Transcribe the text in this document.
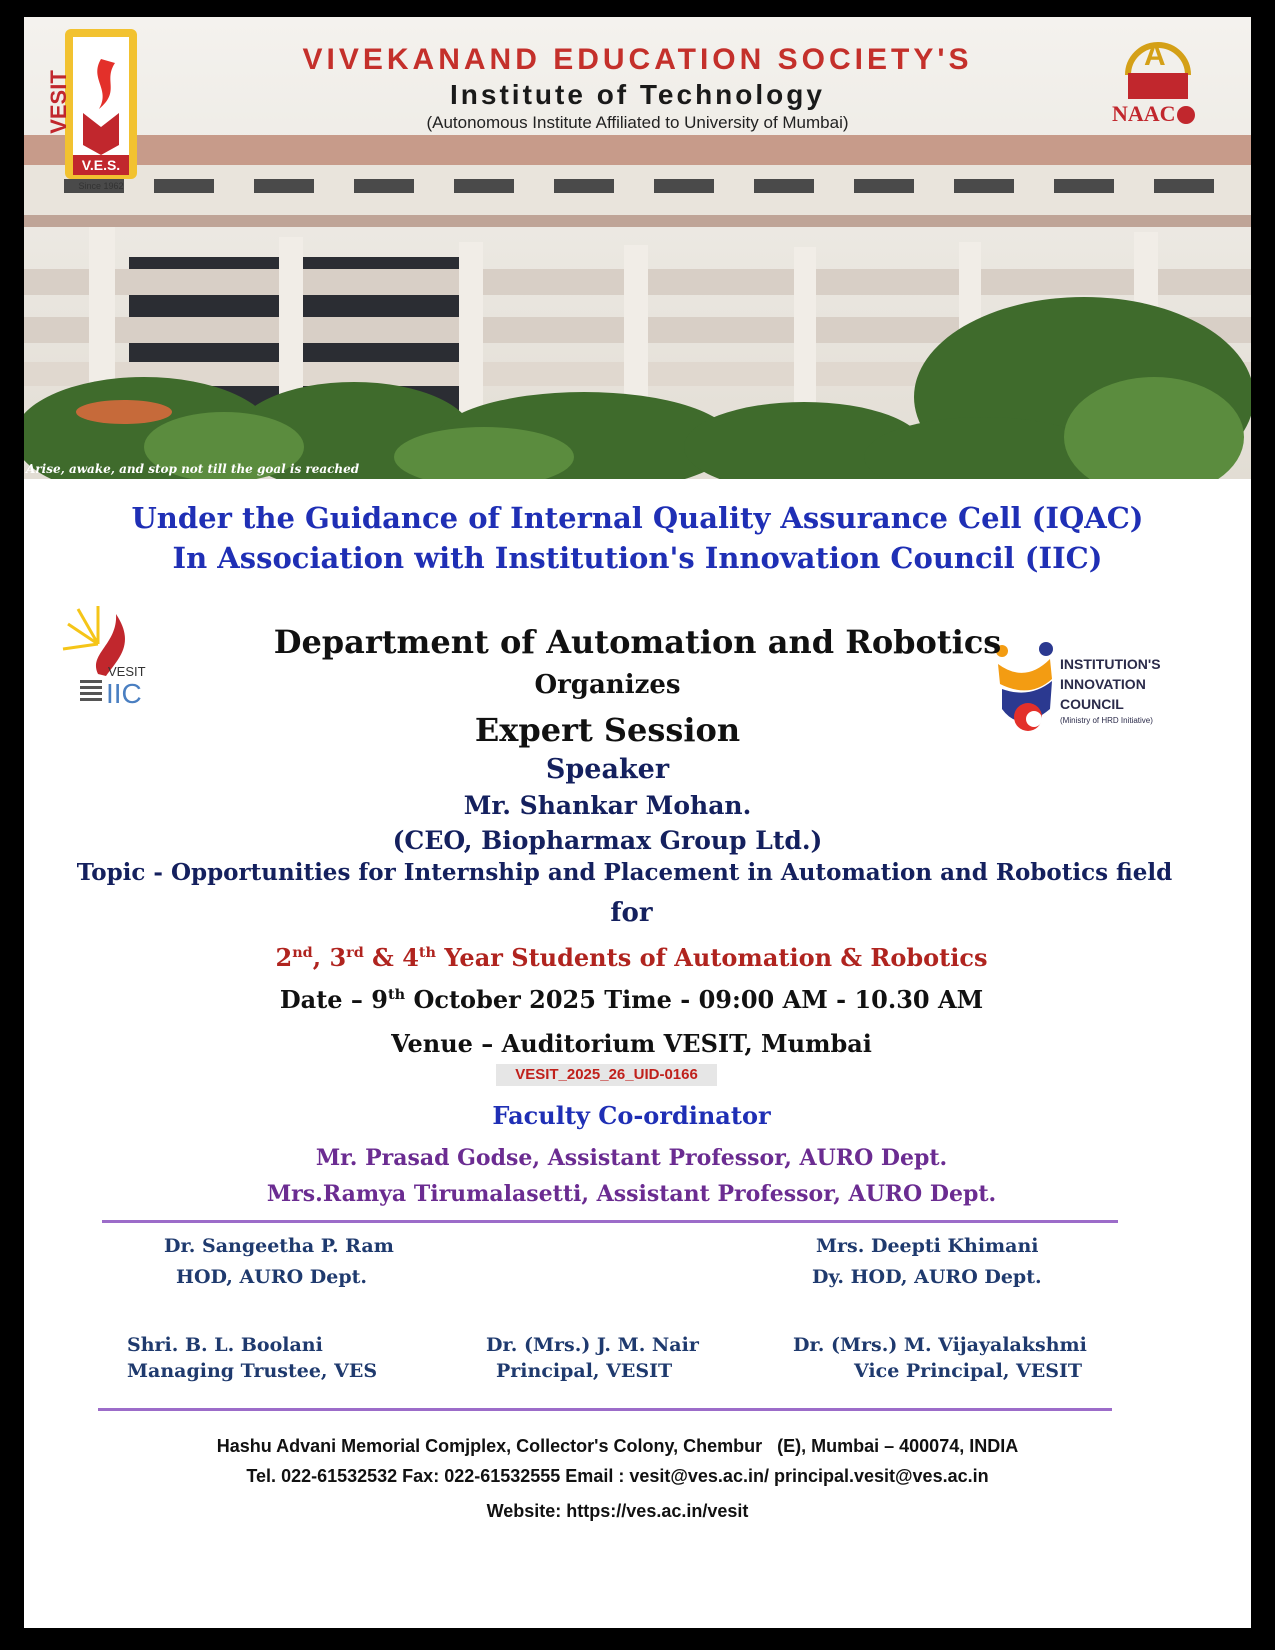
VESIT
V.E.S.
Since 1962
A
NAAC
VIVEKANAND EDUCATION SOCIETY'S
Institute of Technology
(Autonomous Institute Affiliated to University of Mumbai)
Arise, awake, and stop not till the goal is reached
Under the Guidance of Internal Quality Assurance Cell (IQAC)
In Association with Institution's Innovation Council (IIC)
VESIT
IIC
INSTITUTION'S
INNOVATION
COUNCIL
(Ministry of HRD Initiative)
Department of Automation and Robotics
Organizes
Expert Session
Speaker
Mr. Shankar Mohan.
(CEO, Biopharmax Group Ltd.)
Topic - Opportunities for Internship and Placement in Automation and Robotics field
for
2nd, 3rd & 4th Year Students of Automation & Robotics
Date – 9th October 2025 Time - 09:00 AM - 10.30 AM
Venue – Auditorium VESIT, Mumbai
VESIT_2025_26_UID-0166
Faculty Co-ordinator
Mr. Prasad Godse, Assistant Professor, AURO Dept.
Mrs.Ramya Tirumalasetti, Assistant Professor, AURO Dept.
Dr. Sangeetha P. Ram
HOD, AURO Dept.
Mrs. Deepti Khimani
Dy. HOD, AURO Dept.
Shri. B. L. Boolani
Managing Trustee, VES
Dr. (Mrs.) J. M. Nair
Principal, VESIT
Dr. (Mrs.) M. Vijayalakshmi
Vice Principal, VESIT
Hashu Advani Memorial Comjplex, Collector's Colony, Chembur   (E), Mumbai – 400074, INDIA
Tel. 022-61532532 Fax: 022-61532555 Email : vesit@ves.ac.in/ principal.vesit@ves.ac.in
Website: https://ves.ac.in/vesit
